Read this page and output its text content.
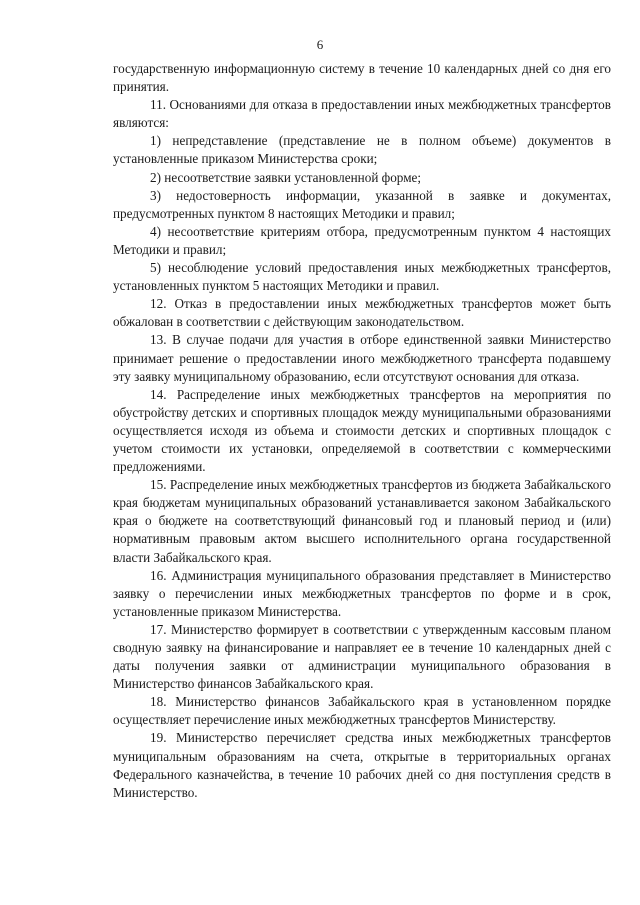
6

государственную информационную систему в течение 10 календарных дней со дня его принятия.

11. Основаниями для отказа в предоставлении иных межбюджетных трансфертов являются:

1) непредставление (представление не в полном объеме) документов в установленные приказом Министерства сроки;

2) несоответствие заявки установленной форме;

3) недостоверность информации, указанной в заявке и документах, предусмотренных пунктом 8 настоящих Методики и правил;

4) несоответствие критериям отбора, предусмотренным пунктом 4 настоящих Методики и правил;

5) несоблюдение условий предоставления иных межбюджетных трансфертов, установленных пунктом 5 настоящих Методики и правил.

12. Отказ в предоставлении иных межбюджетных трансфертов может быть обжалован в соответствии с действующим законодательством.

13. В случае подачи для участия в отборе единственной заявки Министерство принимает решение о предоставлении иного межбюджетного трансферта подавшему эту заявку муниципальному образованию, если отсутствуют основания для отказа.

14. Распределение иных межбюджетных трансфертов на мероприятия по обустройству детских и спортивных площадок между муниципальными образованиями осуществляется исходя из объема и стоимости детских и спортивных площадок с учетом стоимости их установки, определяемой в соответствии с коммерческими предложениями.

15. Распределение иных межбюджетных трансфертов из бюджета Забайкальского края бюджетам муниципальных образований устанавливается законом Забайкальского края о бюджете на соответствующий финансовый год и плановый период и (или) нормативным правовым актом высшего исполнительного органа государственной власти Забайкальского края.

16. Администрация муниципального образования представляет в Министерство заявку о перечислении иных межбюджетных трансфертов по форме и в срок, установленные приказом Министерства.

17. Министерство формирует в соответствии с утвержденным кассовым планом сводную заявку на финансирование и направляет ее в течение 10 календарных дней с даты получения заявки от администрации муниципального образования в Министерство финансов Забайкальского края.

18. Министерство финансов Забайкальского края в установленном порядке осуществляет перечисление иных межбюджетных трансфертов Министерству.

19. Министерство перечисляет средства иных межбюджетных трансфертов муниципальным образованиям на счета, открытые в территориальных органах Федерального казначейства, в течение 10 рабочих дней со дня поступления средств в Министерство.
